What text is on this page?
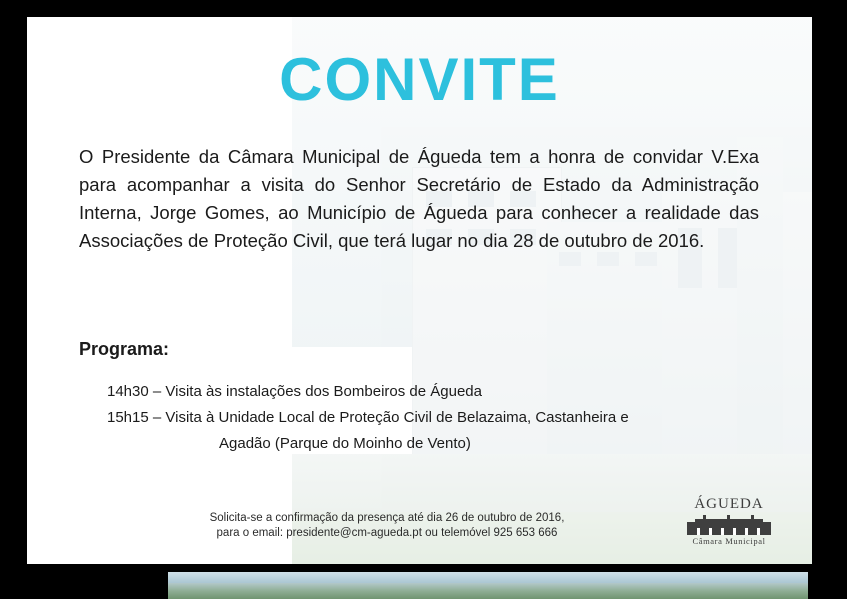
CONVITE
O Presidente da Câmara Municipal de Águeda tem a honra de convidar V.Exa para acompanhar a visita do Senhor Secretário de Estado da Administração Interna, Jorge Gomes, ao Município de Águeda para conhecer a realidade das Associações de Proteção Civil, que terá lugar no dia 28 de outubro de 2016.
Programa:
14h30 – Visita às instalações dos Bombeiros de Águeda
15h15 – Visita à Unidade Local de Proteção Civil de Belazaima, Castanheira e
Agadão (Parque do Moinho de Vento)
Solicita-se a confirmação da presença até dia 26 de outubro de 2016,
para o email: presidente@cm-agueda.pt ou telemóvel 925 653 666
ÁGUEDA
Câmara Municipal
